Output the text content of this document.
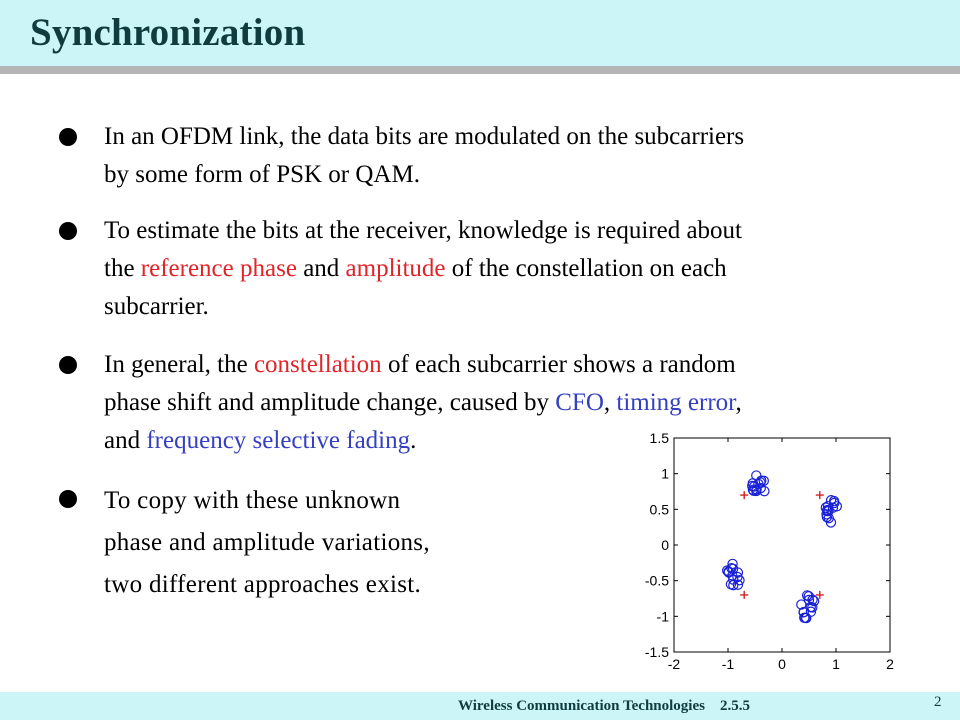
Synchronization
In an OFDM link, the data bits are modulated on the subcarriers
by some form of PSK or QAM.
To estimate the bits at the receiver, knowledge is required about
the reference phase and amplitude of the constellation on each
subcarrier.
In general, the constellation of each subcarrier shows a random
phase shift and amplitude change, caused by CFO, timing error,
and frequency selective fading.
To copy with these unknown
phase and amplitude variations,
two different approaches exist.
-2	-1	0	1	2
1.5
1
0.5
0
-0.5
-1
-1.5
Wireless Communication Technologies 2.5.5	2
